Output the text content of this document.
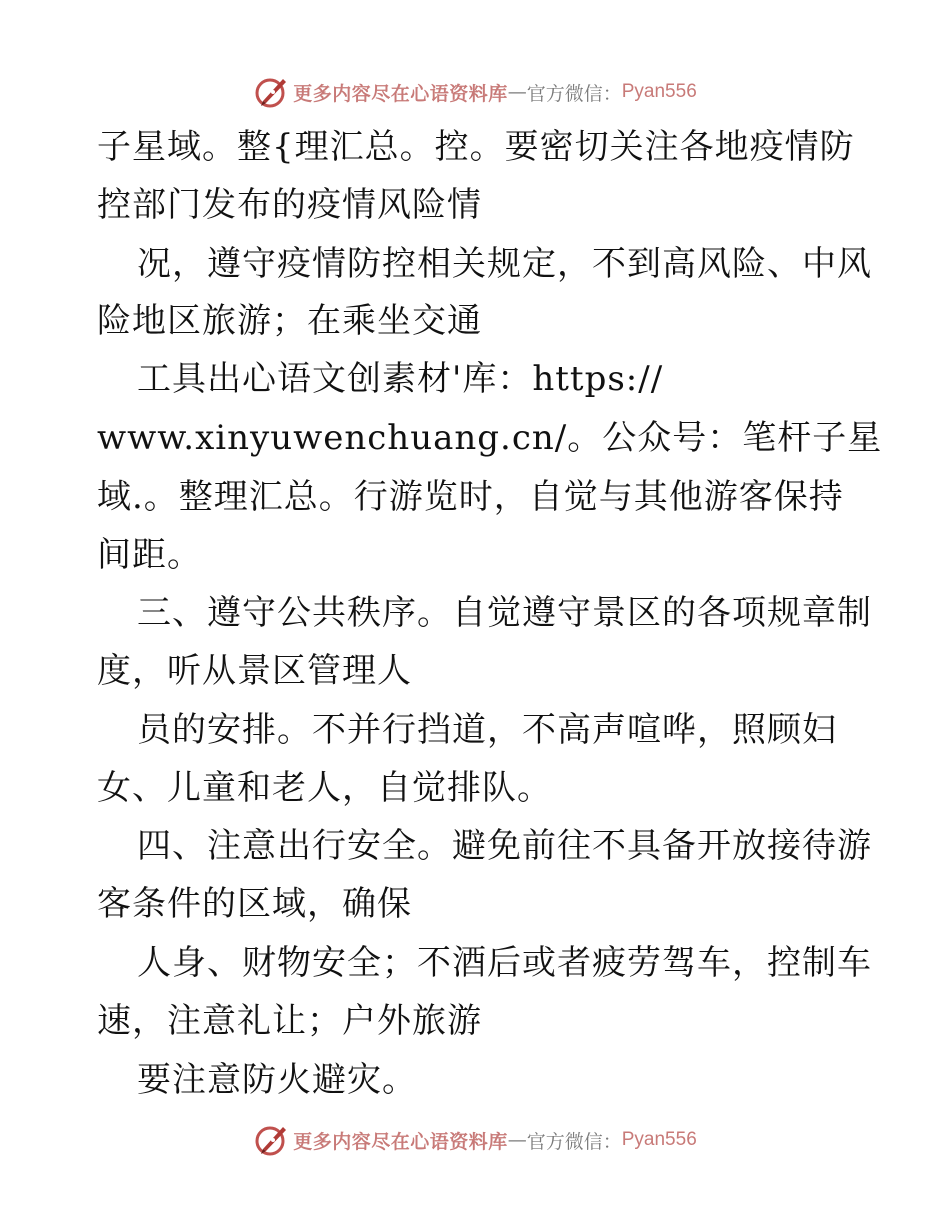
更多内容尽在心语资料库 — 官方微信： Pyan556
子星域。整{理汇总。控。要密切关注各地疫情防
控部门发布的疫情风险情
况，遵守疫情防控相关规定，不到高风险、中风
险地区旅游；在乘坐交通
工具出心语文创素材'库：https://
www.xinyuwenchuang.cn/。公众号：笔杆子星
域.。整理汇总。行游览时，自觉与其他游客保持
间距。
三、遵守公共秩序。自觉遵守景区的各项规章制
度，听从景区管理人
员的安排。不并行挡道，不高声喧哗，照顾妇
女、儿童和老人，自觉排队。
四、注意出行安全。避免前往不具备开放接待游
客条件的区域，确保
人身、财物安全；不酒后或者疲劳驾车，控制车
速，注意礼让；户外旅游
要注意防火避灾。
更多内容尽在心语资料库 — 官方微信： Pyan556
